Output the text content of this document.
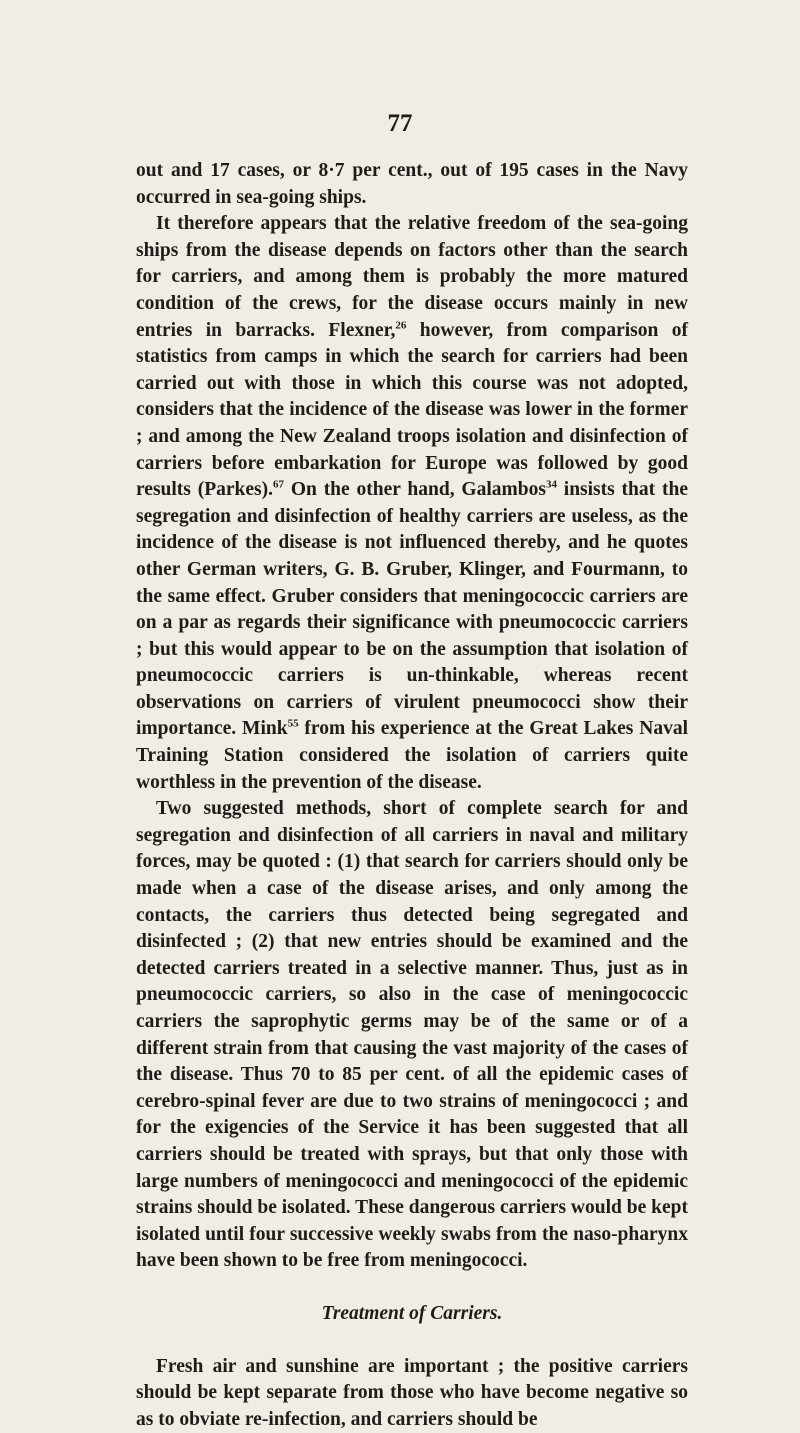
77

out and 17 cases, or 8·7 per cent., out of 195 cases in the Navy occurred in sea-going ships.

It therefore appears that the relative freedom of the sea-going ships from the disease depends on factors other than the search for carriers, and among them is probably the more matured condition of the crews, for the disease occurs mainly in new entries in barracks. Flexner,$^{26}$ however, from comparison of statistics from camps in which the search for carriers had been carried out with those in which this course was not adopted, considers that the incidence of the disease was lower in the former ; and among the New Zealand troops isolation and disinfection of carriers before embarkation for Europe was followed by good results (Parkes).$^{67}$ On the other hand, Galambos$^{34}$ insists that the segregation and disinfection of healthy carriers are useless, as the incidence of the disease is not influenced thereby, and he quotes other German writers, G. B. Gruber, Klinger, and Fourmann, to the same effect. Gruber considers that meningococcic carriers are on a par as regards their significance with pneumococcic carriers ; but this would appear to be on the assumption that isolation of pneumococcic carriers is un-thinkable, whereas recent observations on carriers of virulent pneumococci show their importance. Mink$^{55}$ from his experience at the Great Lakes Naval Training Station considered the isolation of carriers quite worthless in the prevention of the disease.

Two suggested methods, short of complete search for and segregation and disinfection of all carriers in naval and military forces, may be quoted : (1) that search for carriers should only be made when a case of the disease arises, and only among the contacts, the carriers thus detected being segregated and disinfected ; (2) that new entries should be examined and the detected carriers treated in a selective manner. Thus, just as in pneumococcic carriers, so also in the case of meningococcic carriers the saprophytic germs may be of the same or of a different strain from that causing the vast majority of the cases of the disease. Thus 70 to 85 per cent. of all the epidemic cases of cerebro-spinal fever are due to two strains of meningococci ; and for the exigencies of the Service it has been suggested that all carriers should be treated with sprays, but that only those with large numbers of meningococci and meningococci of the epidemic strains should be isolated. These dangerous carriers would be kept isolated until four successive weekly swabs from the naso-pharynx have been shown to be free from meningococci.

Treatment of Carriers.

Fresh air and sunshine are important ; the positive carriers should be kept separate from those who have become negative so as to obviate re-infection, and carriers should be
